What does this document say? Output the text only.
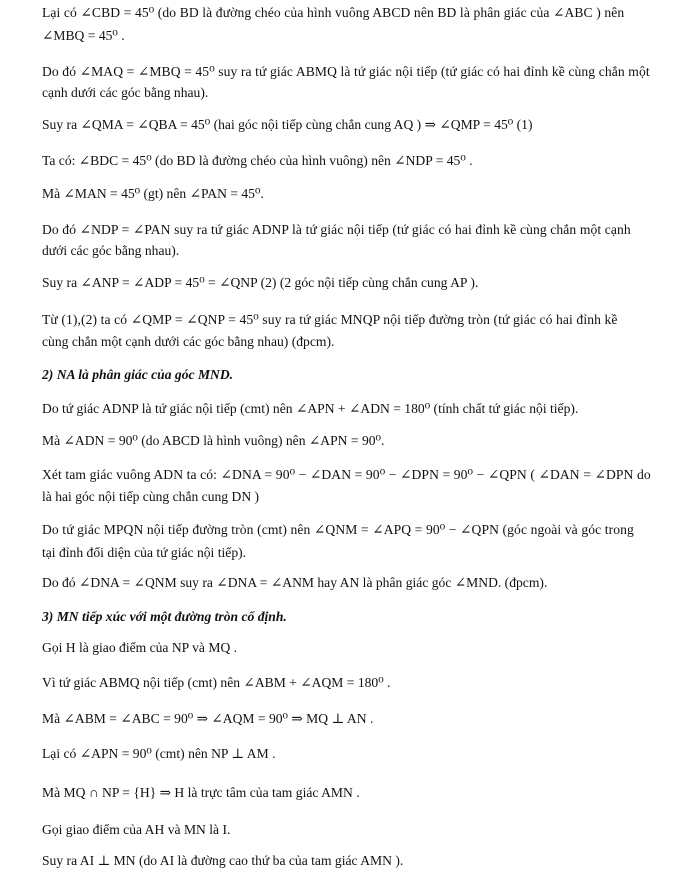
Lại có ∠CBD = 45⁰ (do BD là đường chéo của hình vuông ABCD nên BD là phân giác của ∠ABC ) nên
∠MBQ = 45⁰ .
Do đó ∠MAQ = ∠MBQ = 45⁰ suy ra tứ giác ABMQ là tứ giác nội tiếp (tứ giác có hai đỉnh kề cùng chắn một
cạnh dưới các góc bằng nhau).
Suy ra ∠QMA = ∠QBA = 45⁰ (hai góc nội tiếp cùng chắn cung AQ ) ⇒ ∠QMP = 45⁰ (1)
Ta có: ∠BDC = 45⁰ (do BD là đường chéo của hình vuông) nên ∠NDP = 45⁰ .
Mà ∠MAN = 45⁰ (gt) nên ∠PAN = 45⁰.
Do đó ∠NDP = ∠PAN suy ra tứ giác ADNP là tứ giác nội tiếp (tứ giác có hai đỉnh kề cùng chắn một cạnh
dưới các góc bằng nhau).
Suy ra ∠ANP = ∠ADP = 45⁰ = ∠QNP (2) (2 góc nội tiếp cùng chắn cung AP ).
Từ (1),(2) ta có ∠QMP = ∠QNP = 45⁰ suy ra tứ giác MNQP nội tiếp đường tròn (tứ giác có hai đỉnh kề
cùng chắn một cạnh dưới các góc bằng nhau) (đpcm).
2) NA là phân giác của góc MND.
Do tứ giác ADNP là tứ giác nội tiếp (cmt) nên ∠APN + ∠ADN = 180⁰ (tính chất tứ giác nội tiếp).
Mà ∠ADN = 90⁰ (do ABCD là hình vuông) nên ∠APN = 90⁰.
Xét tam giác vuông ADN ta có: ∠DNA = 90⁰ − ∠DAN = 90⁰ − ∠DPN = 90⁰ − ∠QPN ( ∠DAN = ∠DPN do
là hai góc nội tiếp cùng chắn cung DN )
Do tứ giác MPQN nội tiếp đường tròn (cmt) nên ∠QNM = ∠APQ = 90⁰ − ∠QPN (góc ngoài và góc trong
tại đỉnh đối diện của tứ giác nội tiếp).
Do đó ∠DNA = ∠QNM suy ra ∠DNA = ∠ANM hay AN là phân giác góc ∠MND. (đpcm).
3) MN tiếp xúc với một đường tròn cố định.
Gọi H là giao điểm của NP và MQ .
Vì tứ giác ABMQ nội tiếp (cmt) nên ∠ABM + ∠AQM = 180⁰ .
Mà ∠ABM = ∠ABC = 90⁰ ⇒ ∠AQM = 90⁰ ⇒ MQ ⊥ AN .
Lại có ∠APN = 90⁰ (cmt) nên NP ⊥ AM .
Mà MQ ∩ NP = {H} ⇒ H là trực tâm của tam giác AMN .
Gọi giao điểm của AH và MN là I.
Suy ra AI ⊥ MN (do AI là đường cao thứ ba của tam giác AMN ).
